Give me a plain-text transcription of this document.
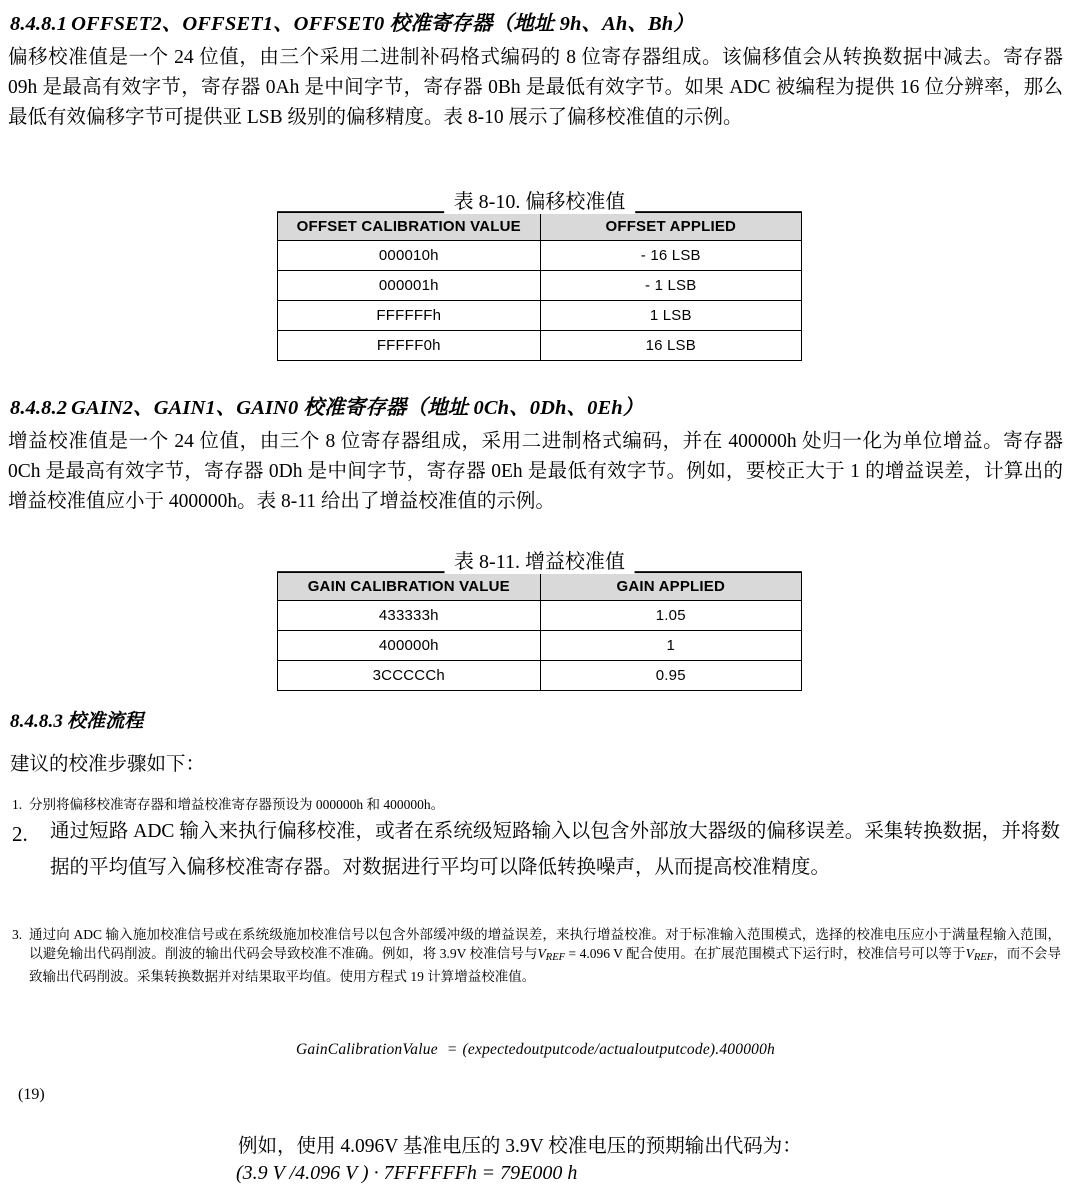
8.4.8.1 OFFSET2、OFFSET1、OFFSET0 校准寄存器（地址 9h、Ah、Bh）
偏移校准值是一个 24 位值，由三个采用二进制补码格式编码的 8 位寄存器组成。该偏移值会从转换数据中减去。寄存器 09h 是最高有效字节，寄存器 0Ah 是中间字节，寄存器 0Bh 是最低有效字节。如果 ADC 被编程为提供 16 位分辨率，那么最低有效偏移字节可提供亚 LSB 级别的偏移精度。表 8-10 展示了偏移校准值的示例。
表 8-10. 偏移校准值
OFFSET CALIBRATION VALUE	OFFSET APPLIED
000010h	- 16 LSB
000001h	- 1 LSB
FFFFFFh	1 LSB
FFFFF0h	16 LSB
8.4.8.2 GAIN2、GAIN1、GAIN0 校准寄存器（地址 0Ch、0Dh、0Eh）
增益校准值是一个 24 位值，由三个 8 位寄存器组成，采用二进制格式编码，并在 400000h 处归一化为单位增益。寄存器 0Ch 是最高有效字节，寄存器 0Dh 是中间字节，寄存器 0Eh 是最低有效字节。例如，要校正大于 1 的增益误差，计算出的增益校准值应小于 400000h。表 8-11 给出了增益校准值的示例。
表 8-11. 增益校准值
GAIN CALIBRATION VALUE	GAIN APPLIED
433333h	1.05
400000h	1
3CCCCCh	0.95
8.4.8.3 校准流程
建议的校准步骤如下：
1. 分别将偏移校准寄存器和增益校准寄存器预设为 000000h 和 400000h。
2.	通过短路 ADC 输入来执行偏移校准，或者在系统级短路输入以包含外部放大器级的偏移误差。采集转换数据，并将数据的平均值写入偏移校准寄存器。对数据进行平均可以降低转换噪声，从而提高校准精度。
3. 通过向 ADC 输入施加校准信号或在系统级施加校准信号以包含外部缓冲级的增益误差，来执行增益校准。对于标准输入范围模式，选择的校准电压应小于满量程输入范围，以避免输出代码削波。削波的输出代码会导致校准不准确。例如，将 3.9V 校准信号与VREF = 4.096 V 配合使用。在扩展范围模式下运行时，校准信号可以等于VREF，而不会导致输出代码削波。采集转换数据并对结果取平均值。使用方程式 19 计算增益校准值。
GainCalibrationValue = (expectedoutputcode/actualoutputcode).400000h
(19)
例如，使用 4.096V 基准电压的 3.9V 校准电压的预期输出代码为：
(3.9 V /4.096 V ) · 7FFFFFFh = 79E000 h
